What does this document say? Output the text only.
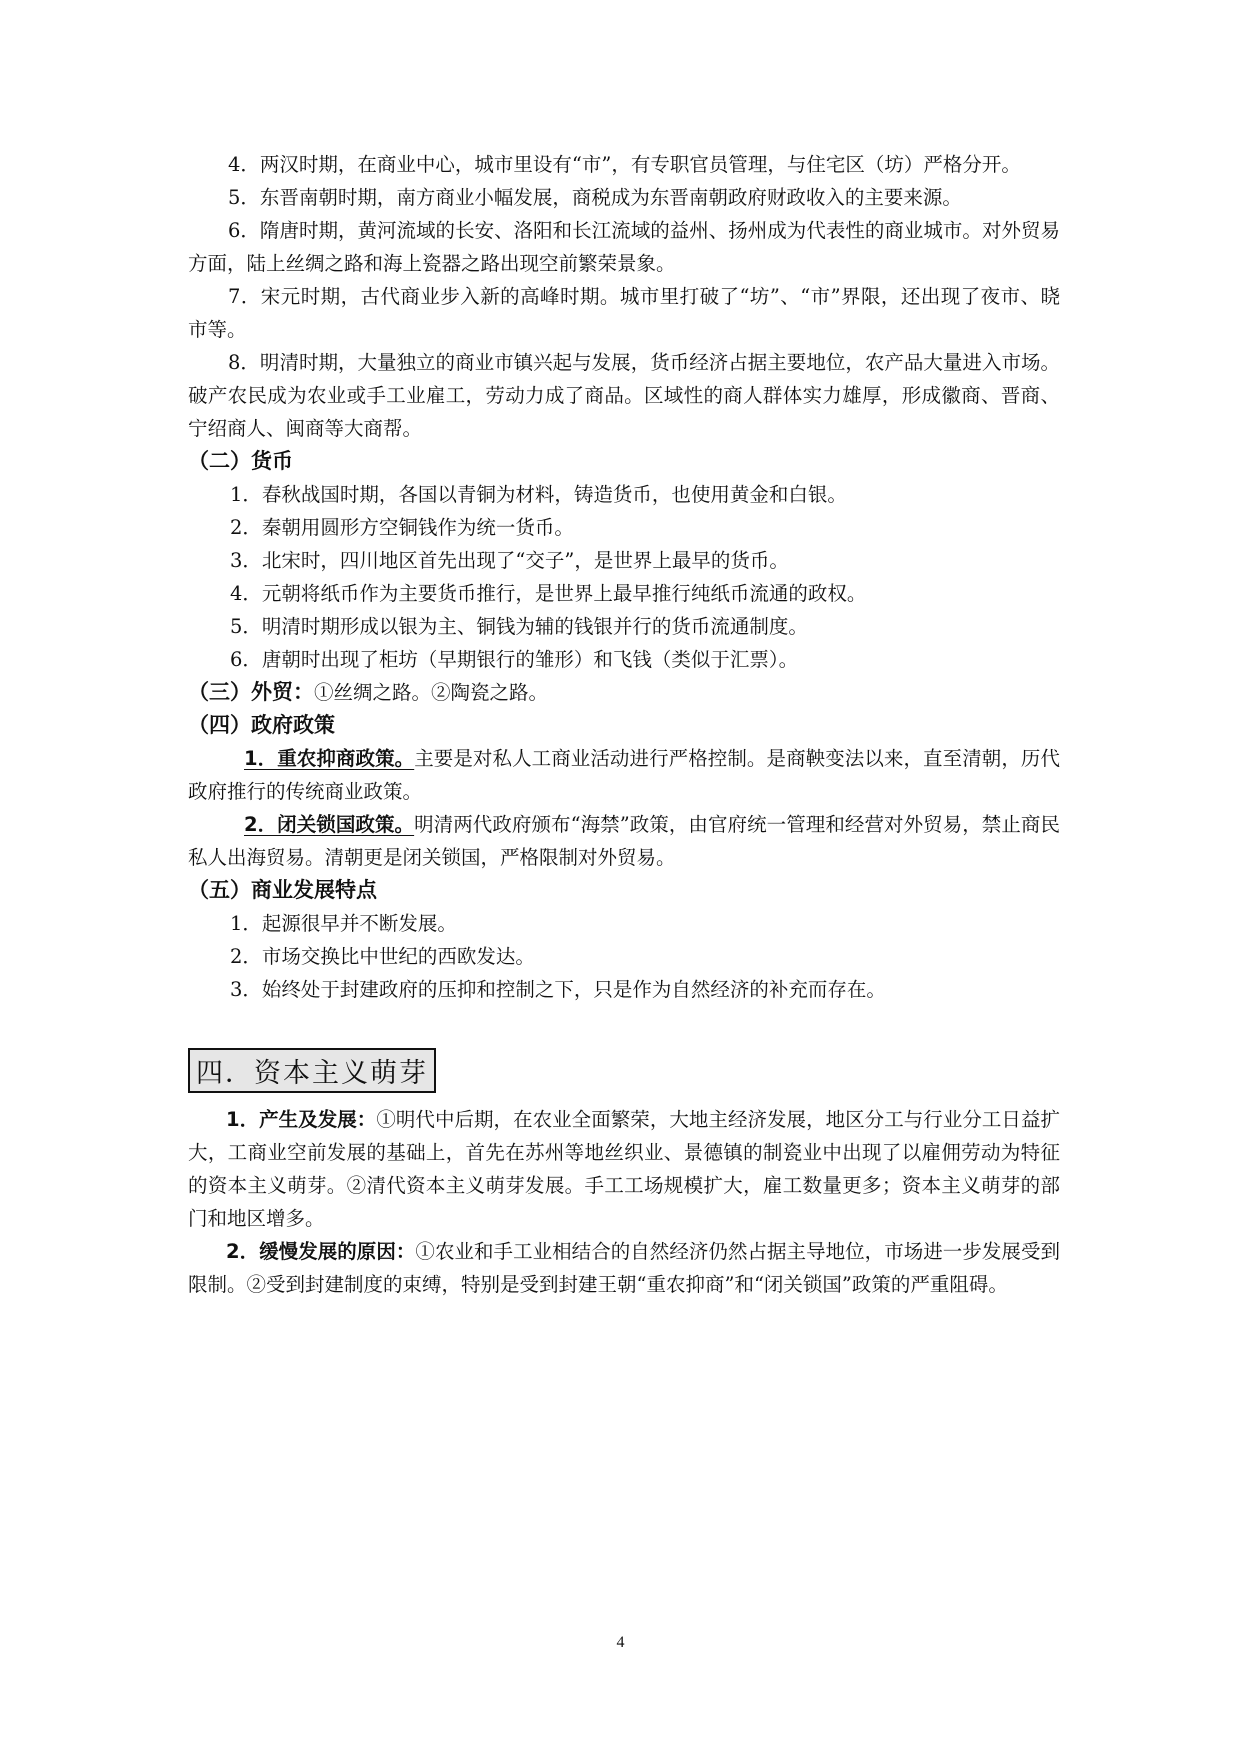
4．两汉时期，在商业中心，城市里设有“市”，有专职官员管理，与住宅区（坊）严格分开。

5．东晋南朝时期，南方商业小幅发展，商税成为东晋南朝政府财政收入的主要来源。

6．隋唐时期，黄河流域的长安、洛阳和长江流域的益州、扬州成为代表性的商业城市。对外贸易方面，陆上丝绸之路和海上瓷器之路出现空前繁荣景象。

7．宋元时期，古代商业步入新的高峰时期。城市里打破了“坊”、“市”界限，还出现了夜市、晓市等。

8．明清时期，大量独立的商业市镇兴起与发展，货币经济占据主要地位，农产品大量进入市场。破产农民成为农业或手工业雇工，劳动力成了商品。区域性的商人群体实力雄厚，形成徽商、晋商、宁绍商人、闽商等大商帮。

（二）货币

1．春秋战国时期，各国以青铜为材料，铸造货币，也使用黄金和白银。

2．秦朝用圆形方空铜钱作为统一货币。

3．北宋时，四川地区首先出现了“交子”，是世界上最早的货币。

4．元朝将纸币作为主要货币推行，是世界上最早推行纯纸币流通的政权。

5．明清时期形成以银为主、铜钱为辅的钱银并行的货币流通制度。

6．唐朝时出现了柜坊（早期银行的雏形）和飞钱（类似于汇票）。

（三）外贸：①丝绸之路。②陶瓷之路。

（四）政府政策

1．重农抑商政策。主要是对私人工商业活动进行严格控制。是商鞅变法以来，直至清朝，历代政府推行的传统商业政策。

2．闭关锁国政策。明清两代政府颁布“海禁”政策，由官府统一管理和经营对外贸易，禁止商民私人出海贸易。清朝更是闭关锁国，严格限制对外贸易。

（五）商业发展特点

1．起源很早并不断发展。

2．市场交换比中世纪的西欧发达。

3．始终处于封建政府的压抑和控制之下，只是作为自然经济的补充而存在。

四．资本主义萌芽

1．产生及发展：①明代中后期，在农业全面繁荣，大地主经济发展，地区分工与行业分工日益扩大，工商业空前发展的基础上，首先在苏州等地丝织业、景德镇的制瓷业中出现了以雇佣劳动为特征的资本主义萌芽。②清代资本主义萌芽发展。手工工场规模扩大，雇工数量更多；资本主义萌芽的部门和地区增多。

2．缓慢发展的原因：①农业和手工业相结合的自然经济仍然占据主导地位，市场进一步发展受到限制。②受到封建制度的束缚，特别是受到封建王朝“重农抑商”和“闭关锁国”政策的严重阻碍。

4
